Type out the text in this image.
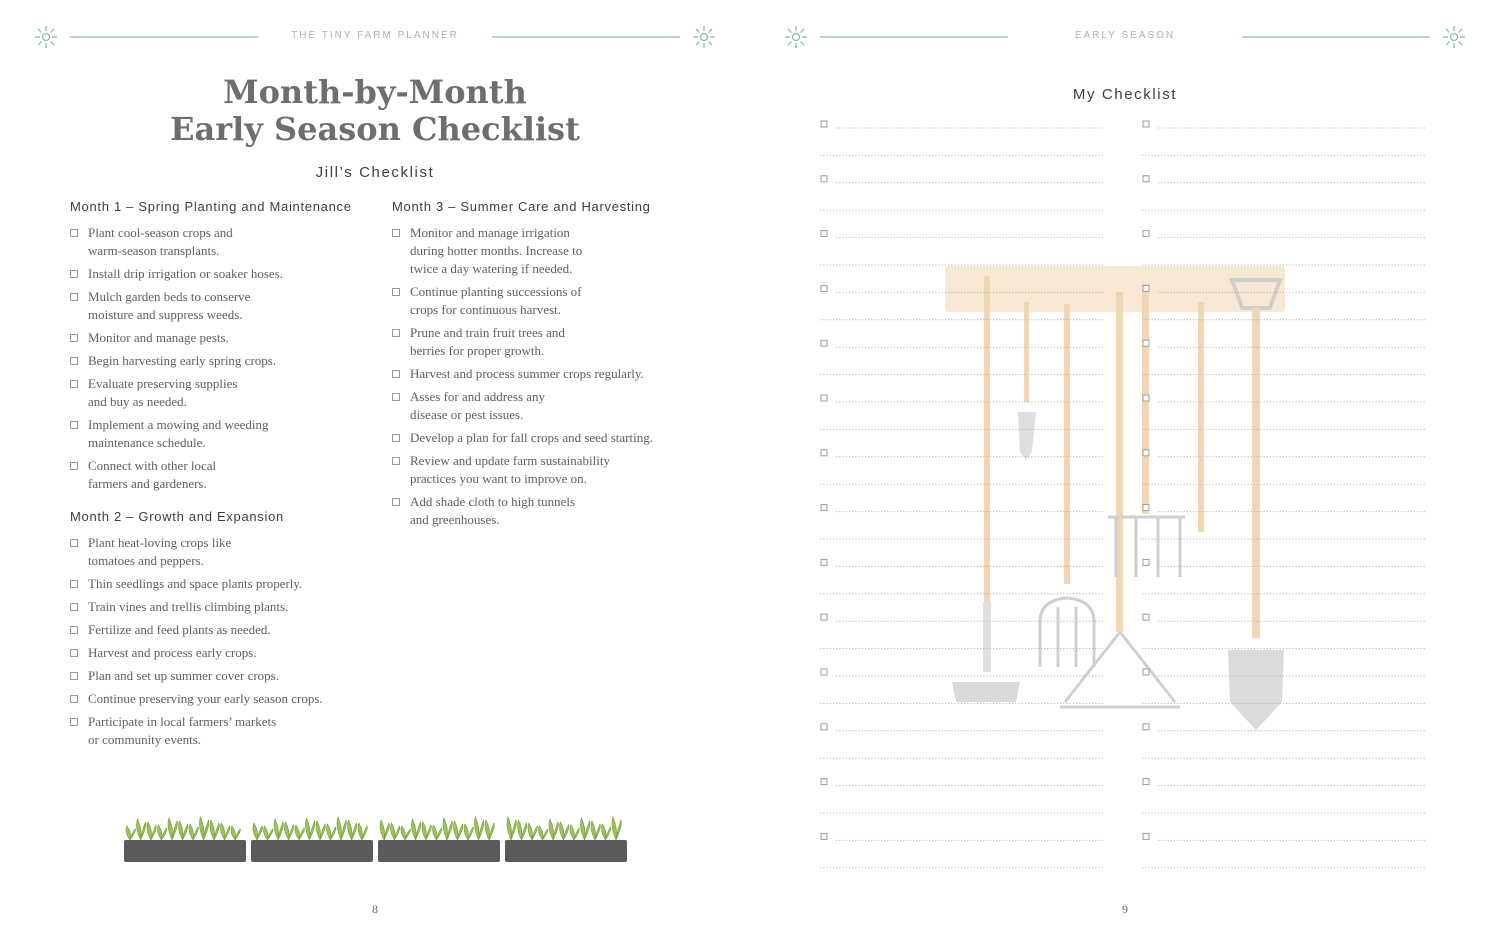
THE TINY FARM PLANNER
Month-by-Month
Early Season Checklist
Jill’s Checklist
Month 1 – Spring Planting and Maintenance
Plant cool-season crops and
warm-season transplants.
Install drip irrigation or soaker hoses.
Mulch garden beds to conserve
moisture and suppress weeds.
Monitor and manage pests.
Begin harvesting early spring crops.
Evaluate preserving supplies
and buy as needed.
Implement a mowing and weeding
maintenance schedule.
Connect with other local
farmers and gardeners.
Month 2 – Growth and Expansion
Plant heat-loving crops like
tomatoes and peppers.
Thin seedlings and space plants properly.
Train vines and trellis climbing plants.
Fertilize and feed plants as needed.
Harvest and process early crops.
Plan and set up summer cover crops.
Continue preserving your early season crops.
Participate in local farmers’ markets
or community events.
Month 3 – Summer Care and Harvesting
Monitor and manage irrigation
during hotter months. Increase to
twice a day watering if needed.
Continue planting successions of
crops for continuous harvest.
Prune and train fruit trees and
berries for proper growth.
Harvest and process summer crops regularly.
Asses for and address any
disease or pest issues.
Develop a plan for fall crops and seed starting.
Review and update farm sustainability
practices you want to improve on.
Add shade cloth to high tunnels
and greenhouses.
8
EARLY SEASON
My Checklist
9
